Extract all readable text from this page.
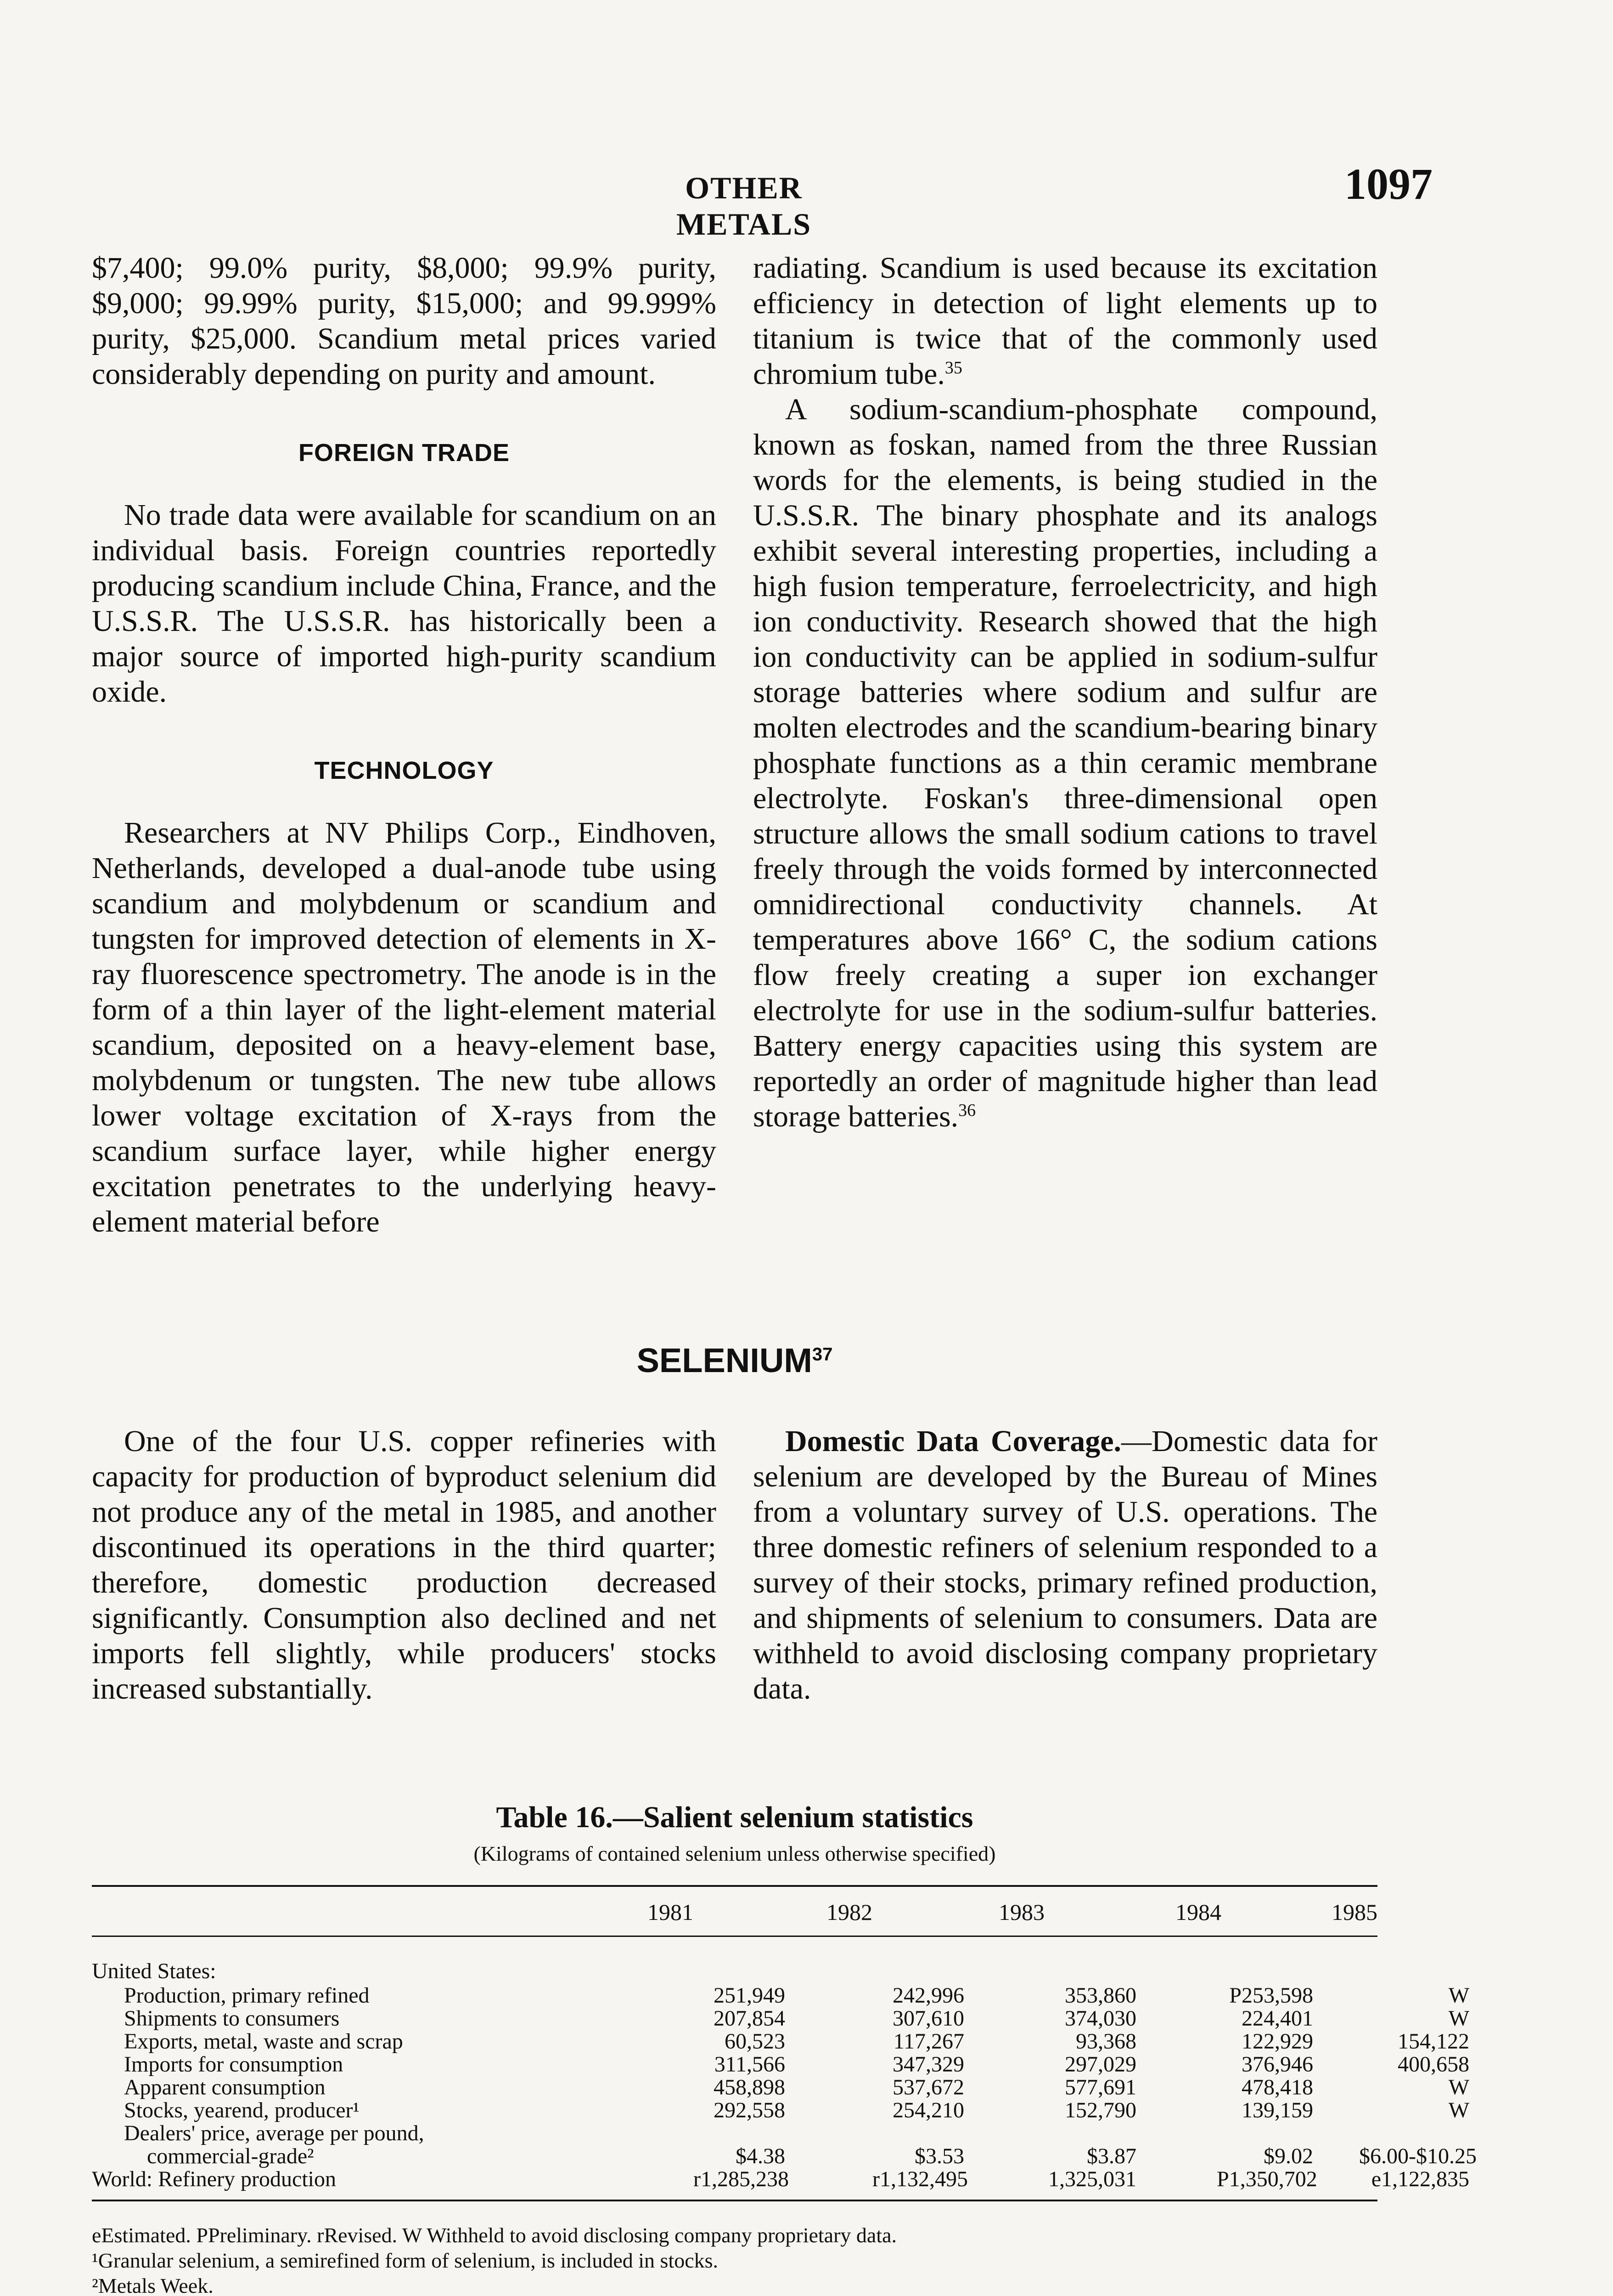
OTHER METALS
1097

$7,400; 99.0% purity, $8,000; 99.9% purity, $9,000; 99.99% purity, $15,000; and 99.999% purity, $25,000. Scandium metal prices varied considerably depending on purity and amount.

FOREIGN TRADE

No trade data were available for scandium on an individual basis. Foreign countries reportedly producing scandium include China, France, and the U.S.S.R. The U.S.S.R. has historically been a major source of imported high-purity scandium oxide.

TECHNOLOGY

Researchers at NV Philips Corp., Eindhoven, Netherlands, developed a dual-anode tube using scandium and molybdenum or scandium and tungsten for improved detection of elements in X-ray fluorescence spectrometry. The anode is in the form of a thin layer of the light-element material scandium, deposited on a heavy-element base, molybdenum or tungsten. The new tube allows lower voltage excitation of X-rays from the scandium surface layer, while higher energy excitation penetrates to the underlying heavy-element material before

radiating. Scandium is used because its excitation efficiency in detection of light elements up to titanium is twice that of the commonly used chromium tube.$^{35}$

A sodium-scandium-phosphate compound, known as foskan, named from the three Russian words for the elements, is being studied in the U.S.S.R. The binary phosphate and its analogs exhibit several interesting properties, including a high fusion temperature, ferroelectricity, and high ion conductivity. Research showed that the high ion conductivity can be applied in sodium-sulfur storage batteries where sodium and sulfur are molten electrodes and the scandium-bearing binary phosphate functions as a thin ceramic membrane electrolyte. Foskan's three-dimensional open structure allows the small sodium cations to travel freely through the voids formed by interconnected omnidirectional conductivity channels. At temperatures above 166° C, the sodium cations flow freely creating a super ion exchanger electrolyte for use in the sodium-sulfur batteries. Battery energy capacities using this system are reportedly an order of magnitude higher than lead storage batteries.$^{36}$

SELENIUM$^{37}$

One of the four U.S. copper refineries with capacity for production of byproduct selenium did not produce any of the metal in 1985, and another discontinued its operations in the third quarter; therefore, domestic production decreased significantly. Consumption also declined and net imports fell slightly, while producers' stocks increased substantially.

Domestic Data Coverage.—Domestic data for selenium are developed by the Bureau of Mines from a voluntary survey of U.S. operations. The three domestic refiners of selenium responded to a survey of their stocks, primary refined production, and shipments of selenium to consumers. Data are withheld to avoid disclosing company proprietary data.

Table 16.—Salient selenium statistics
(Kilograms of contained selenium unless otherwise specified)
1981	1982	1983	1984	1985
United States:
Production, primary refined	251,949	242,996	353,860	P253,598	W
Shipments to consumers	207,854	307,610	374,030	224,401	W
Exports, metal, waste and scrap	60,523	117,267	93,368	122,929	154,122
Imports for consumption	311,566	347,329	297,029	376,946	400,658
Apparent consumption	458,898	537,672	577,691	478,418	W
Stocks, yearend, producer¹	292,558	254,210	152,790	139,159	W
Dealers' price, average per pound,
commercial-grade²	$4.38	$3.53	$3.87	$9.02 $6.00-$10.25
World: Refinery production	r1,285,238	r1,132,495	1,325,031	P1,350,702	e1,122,835
eEstimated. PPreliminary. rRevised. W Withheld to avoid disclosing company proprietary data.
¹Granular selenium, a semirefined form of selenium, is included in stocks.
²Metals Week.
